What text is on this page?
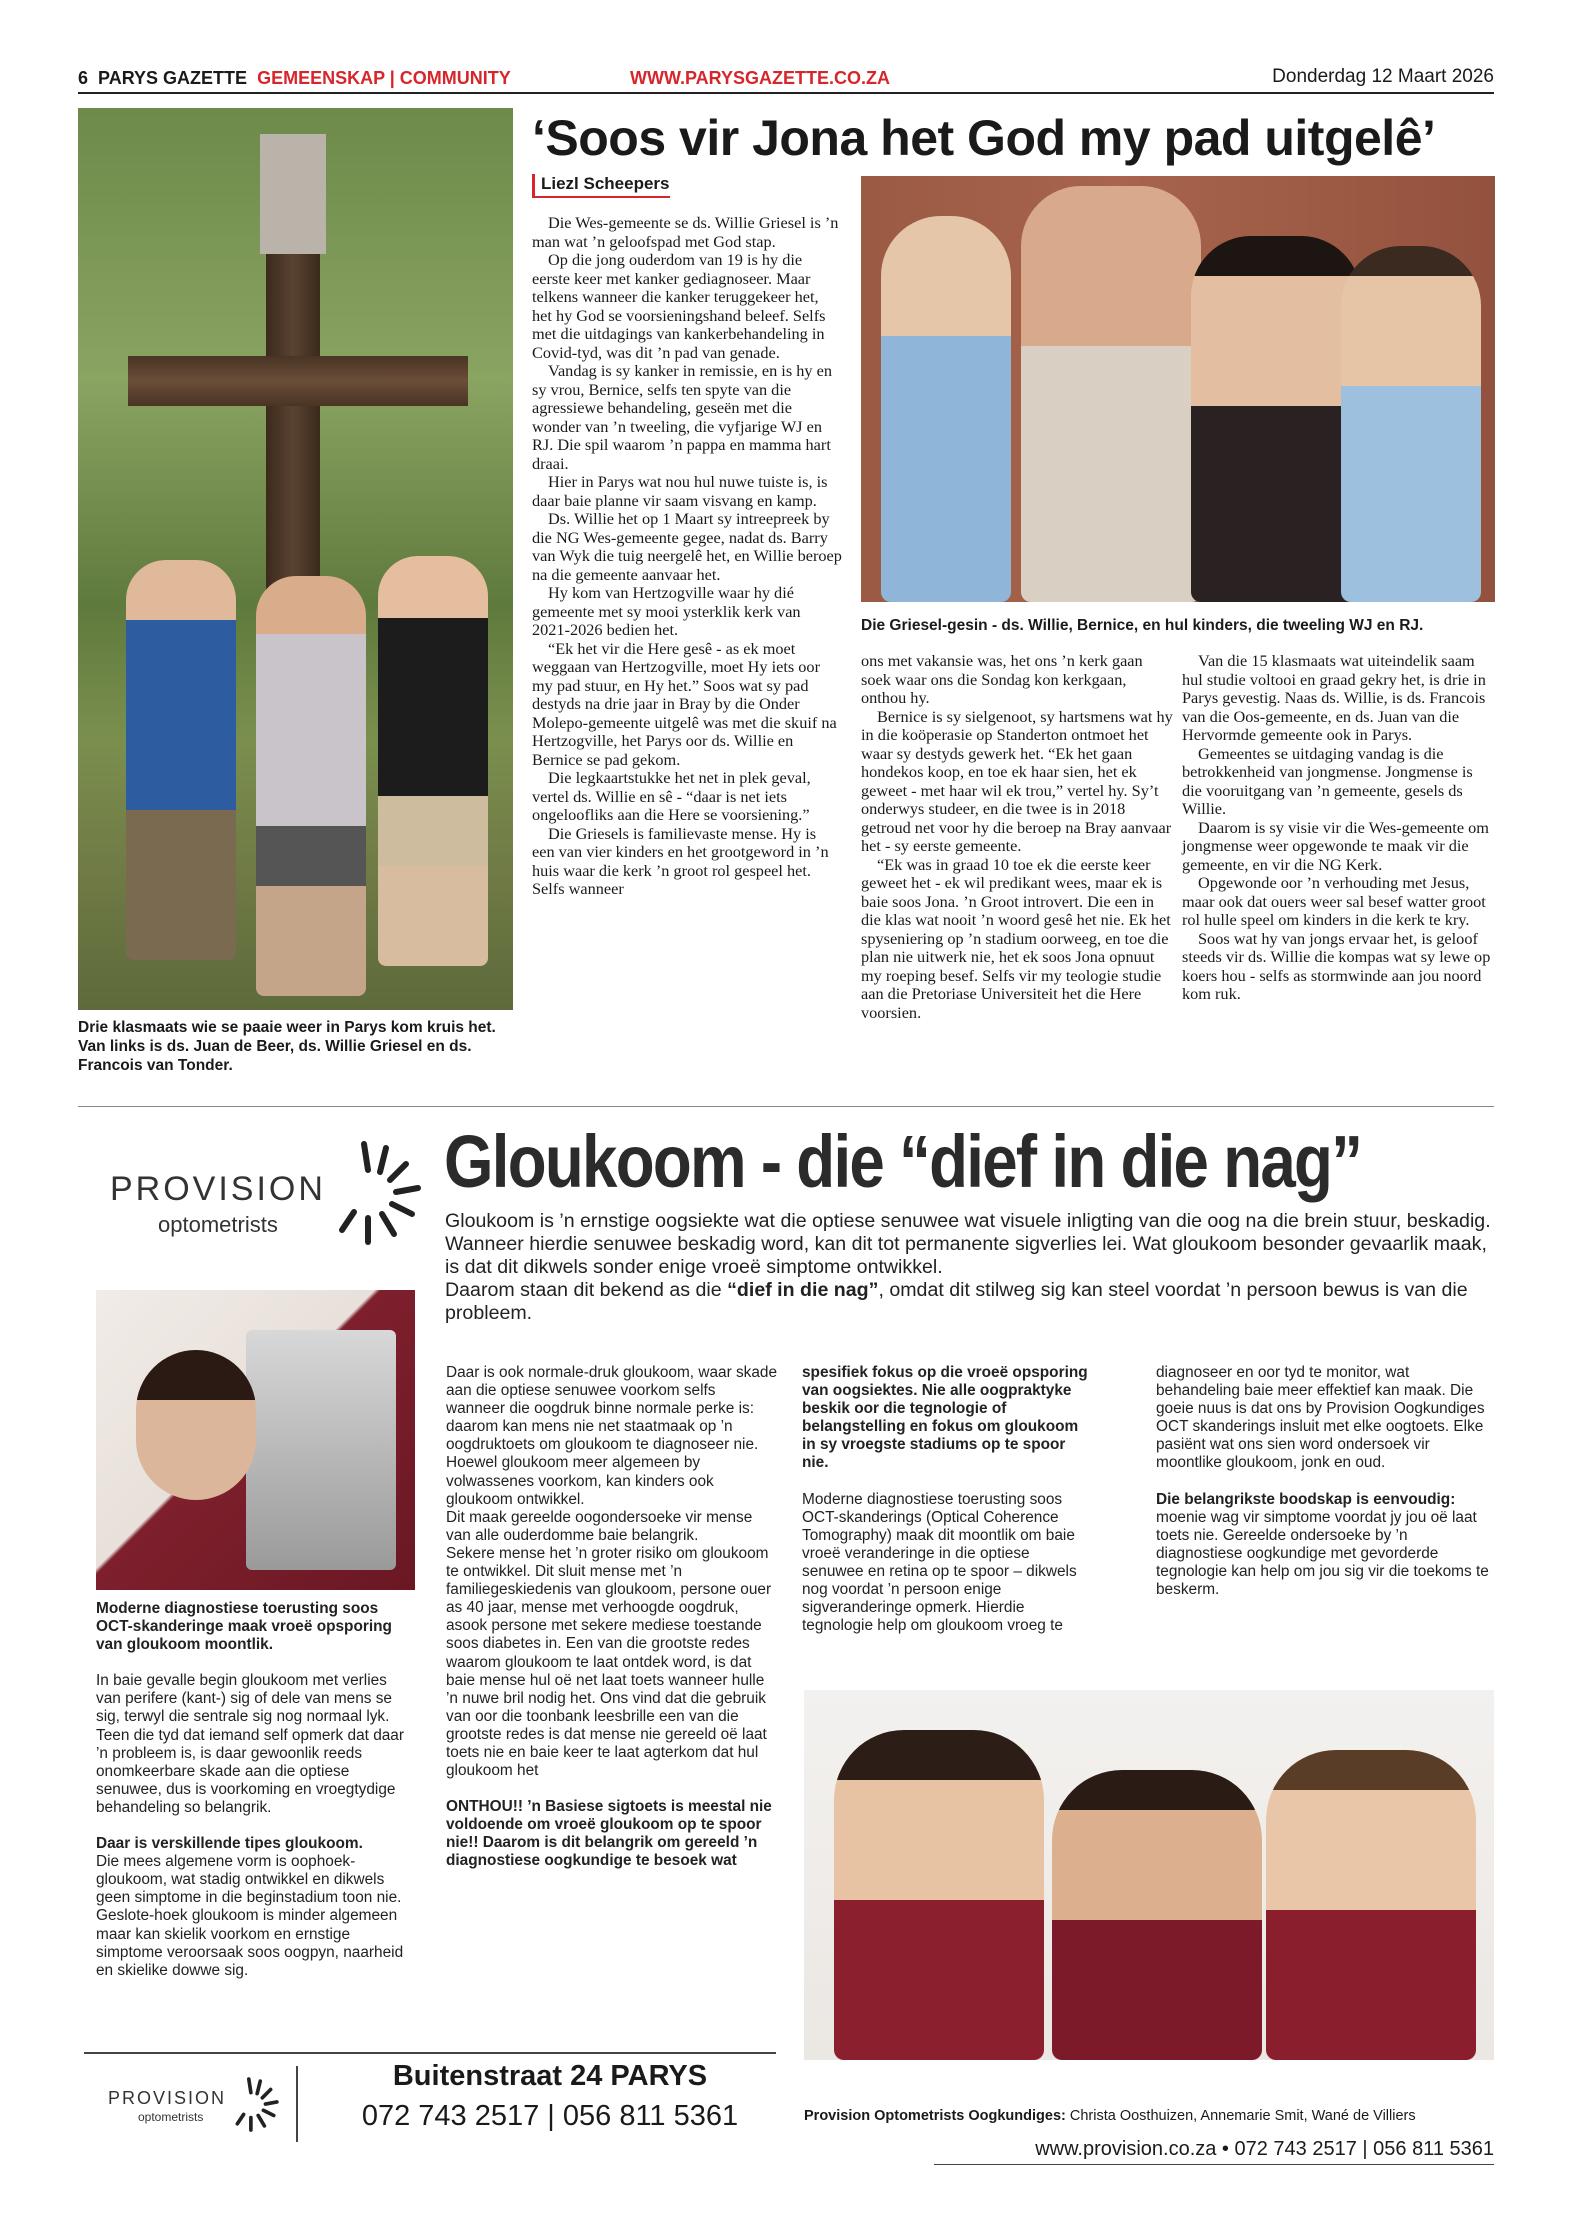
6 PARYS GAZETTE GEMEENSKAP | COMMUNITY	WWW.PARYSGAZETTE.CO.ZA	Donderdag 12 Maart 2026
Drie klasmaats wie se paaie weer in Parys kom kruis het. Van links is ds. Juan de Beer, ds. Willie Griesel en ds. Francois van Tonder.
‘Soos vir Jona het God my pad uitgelê’
Liezl Scheepers

Die Wes-gemeente se ds. Willie Griesel is ’n man wat ’n geloofspad met God stap.

Op die jong ouderdom van 19 is hy die eerste keer met kanker gediagnoseer. Maar telkens wanneer die kanker teruggekeer het, het hy God se voorsieningshand beleef. Selfs met die uitdagings van kankerbehandeling in Covid-tyd, was dit ’n pad van genade.

Vandag is sy kanker in remissie, en is hy en sy vrou, Bernice, selfs ten spyte van die agressiewe behandeling, geseën met die wonder van ’n tweeling, die vyfjarige WJ en RJ. Die spil waarom ’n pappa en mamma hart draai.

Hier in Parys wat nou hul nuwe tuiste is, is daar baie planne vir saam visvang en kamp.

Ds. Willie het op 1 Maart sy intreepreek by die NG Wes-gemeente gegee, nadat ds. Barry van Wyk die tuig neergelê het, en Willie beroep na die gemeente aanvaar het.

Hy kom van Hertzogville waar hy dié gemeente met sy mooi ysterklik kerk van 2021-2026 bedien het.

“Ek het vir die Here gesê - as ek moet weggaan van Hertzogville, moet Hy iets oor my pad stuur, en Hy het.” Soos wat sy pad destyds na drie jaar in Bray by die Onder Molepo-gemeente uitgelê was met die skuif na Hertzogville, het Parys oor ds. Willie en Bernice se pad gekom.

Die legkaartstukke het net in plek geval, vertel ds. Willie en sê - “daar is net iets ongeloofliks aan die Here se voorsiening.”

Die Griesels is familievaste mense. Hy is een van vier kinders en het grootgeword in ’n huis waar die kerk ’n groot rol gespeel het. Selfs wanneer

Die Griesel-gesin - ds. Willie, Bernice, en hul kinders, die tweeling WJ en RJ.

ons met vakansie was, het ons ’n kerk gaan soek waar ons die Sondag kon kerkgaan, onthou hy.

Bernice is sy sielgenoot, sy hartsmens wat hy in die koöperasie op Standerton ontmoet het waar sy destyds gewerk het. “Ek het gaan hondekos koop, en toe ek haar sien, het ek geweet - met haar wil ek trou,” vertel hy. Sy’t onderwys studeer, en die twee is in 2018 getroud net voor hy die beroep na Bray aanvaar het - sy eerste gemeente.

“Ek was in graad 10 toe ek die eerste keer geweet het - ek wil predikant wees, maar ek is baie soos Jona. ’n Groot introvert. Die een in die klas wat nooit ’n woord gesê het nie. Ek het spyseniering op ’n stadium oorweeg, en toe die plan nie uitwerk nie, het ek soos Jona opnuut my roeping besef. Selfs vir my teologie studie aan die Pretoriase Universiteit het die Here voorsien.

Van die 15 klasmaats wat uiteindelik saam hul studie voltooi en graad gekry het, is drie in Parys gevestig. Naas ds. Willie, is ds. Francois van die Oos-gemeente, en ds. Juan van die Hervormde gemeente ook in Parys.

Gemeentes se uitdaging vandag is die betrokkenheid van jongmense. Jongmense is die vooruitgang van ’n gemeente, gesels ds Willie.

Daarom is sy visie vir die Wes-gemeente om jongmense weer opgewonde te maak vir die gemeente, en vir die NG Kerk.

Opgewonde oor ’n verhouding met Jesus, maar ook dat ouers weer sal besef watter groot rol hulle speel om kinders in die kerk te kry.

Soos wat hy van jongs ervaar het, is geloof steeds vir ds. Willie die kompas wat sy lewe op koers hou - selfs as stormwinde aan jou noord kom ruk.

PROVISION
optometrists
Gloukoom - die “dief in die nag”
Gloukoom is ’n ernstige oogsiekte wat die optiese senuwee wat visuele inligting van die oog na die brein stuur, beskadig. Wanneer hierdie senuwee beskadig word, kan dit tot permanente sigverlies lei. Wat gloukoom besonder gevaarlik maak, is dat dit dikwels sonder enige vroeë simptome ontwikkel.
Daarom staan dit bekend as die “dief in die nag”, omdat dit stilweg sig kan steel voordat ’n persoon bewus is van die probleem.

Moderne diagnostiese toerusting soos OCT-skanderinge maak vroeë opsporing van gloukoom moontlik.

In baie gevalle begin gloukoom met verlies van perifere (kant-) sig of dele van mens se sig, terwyl die sentrale sig nog normaal lyk. Teen die tyd dat iemand self opmerk dat daar ’n probleem is, is daar gewoonlik reeds onomkeerbare skade aan die optiese senuwee, dus is voorkoming en vroegtydige behandeling so belangrik.

Daar is verskillende tipes gloukoom.

Die mees algemene vorm is oophoek-gloukoom, wat stadig ontwikkel en dikwels geen simptome in die beginstadium toon nie. Geslote-hoek gloukoom is minder algemeen maar kan skielik voorkom en ernstige simptome veroorsaak soos oogpyn, naarheid en skielike dowwe sig.

Daar is ook normale-druk gloukoom, waar skade aan die optiese senuwee voorkom selfs wanneer die oogdruk binne normale perke is: daarom kan mens nie net staatmaak op ’n oogdruktoets om gloukoom te diagnoseer nie.

Hoewel gloukoom meer algemeen by volwassenes voorkom, kan kinders ook gloukoom ontwikkel.

Dit maak gereelde oogondersoeke vir mense van alle ouderdomme baie belangrik.

Sekere mense het ’n groter risiko om gloukoom te ontwikkel. Dit sluit mense met ’n familiegeskiedenis van gloukoom, persone ouer as 40 jaar, mense met verhoogde oogdruk, asook persone met sekere mediese toestande soos diabetes in. Een van die grootste redes waarom gloukoom te laat ontdek word, is dat baie mense hul oë net laat toets wanneer hulle ’n nuwe bril nodig het. Ons vind dat die gebruik van oor die toonbank leesbrille een van die grootste redes is dat mense nie gereeld oë laat toets nie en baie keer te laat agterkom dat hul gloukoom het

ONTHOU!! ’n Basiese sigtoets is meestal nie voldoende om vroeë gloukoom op te spoor nie!! Daarom is dit belangrik om gereeld ’n diagnostiese oogkundige te besoek wat

spesifiek fokus op die vroeë opsporing van oogsiektes. Nie alle oogpraktyke beskik oor die tegnologie of belangstelling en fokus om gloukoom in sy vroegste stadiums op te spoor nie.

Moderne diagnostiese toerusting soos OCT-skanderings (Optical Coherence Tomography) maak dit moontlik om baie vroeë veranderinge in die optiese senuwee en retina op te spoor – dikwels nog voordat ’n persoon enige sigveranderinge opmerk. Hierdie tegnologie help om gloukoom vroeg te

diagnoseer en oor tyd te monitor, wat behandeling baie meer effektief kan maak. Die goeie nuus is dat ons by Provision Oogkundiges OCT skanderings insluit met elke oogtoets. Elke pasiënt wat ons sien word ondersoek vir moontlike gloukoom, jonk en oud.

Die belangrikste boodskap is eenvoudig:

moenie wag vir simptome voordat jy jou oë laat toets nie. Gereelde ondersoeke by ’n diagnostiese oogkundige met gevorderde tegnologie kan help om jou sig vir die toekoms te beskerm.

Provision Optometrists Oogkundiges: Christa Oosthuizen, Annemarie Smit, Wané de Villiers
PROVISION
optometrists
Buitenstraat 24 PARYS
072 743 2517 | 056 811 5361
www.provision.co.za • 072 743 2517 | 056 811 5361
